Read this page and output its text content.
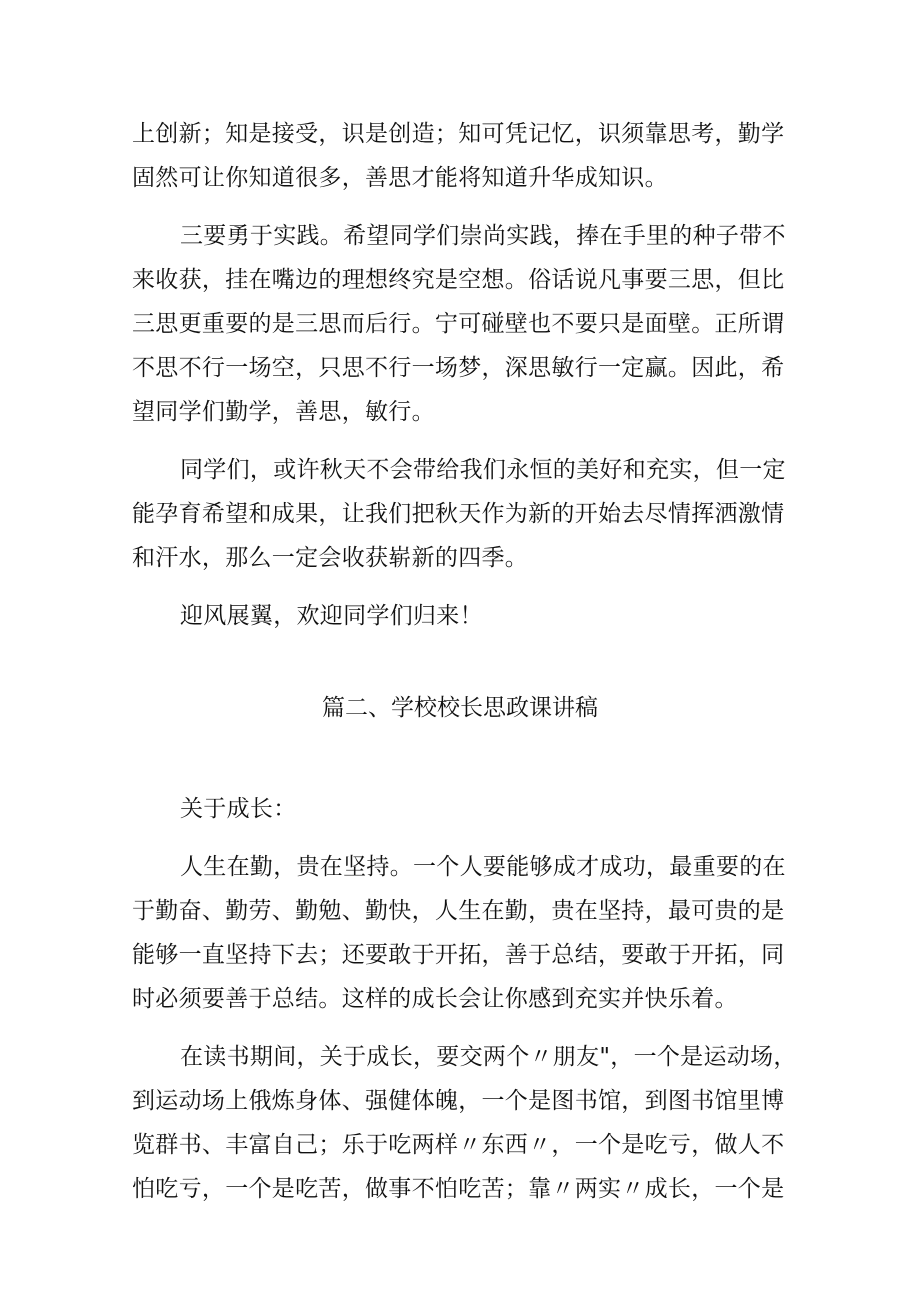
上创新；知是接受，识是创造；知可凭记忆，识须靠思考，勤学
固然可让你知道很多，善思才能将知道升华成知识。
三要勇于实践。希望同学们崇尚实践，捧在手里的种子带不
来收获，挂在嘴边的理想终究是空想。俗话说凡事要三思，但比
三思更重要的是三思而后行。宁可碰壁也不要只是面壁。正所谓
不思不行一场空，只思不行一场梦，深思敏行一定赢。因此，希
望同学们勤学，善思，敏行。
同学们，或许秋天不会带给我们永恒的美好和充实，但一定
能孕育希望和成果，让我们把秋天作为新的开始去尽情挥洒激情
和汗水，那么一定会收获崭新的四季。
迎风展翼，欢迎同学们归来！
篇二、学校校长思政课讲稿
关于成长：
人生在勤，贵在坚持。一个人要能够成才成功，最重要的在
于勤奋、勤劳、勤勉、勤快，人生在勤，贵在坚持，最可贵的是
能够一直坚持下去；还要敢于开拓，善于总结，要敢于开拓，同
时必须要善于总结。这样的成长会让你感到充实并快乐着。
在读书期间，关于成长，要交两个〃朋友"，一个是运动场，
到运动场上俄炼身体、强健体魄，一个是图书馆，到图书馆里博
览群书、丰富自己；乐于吃两样〃东西〃，一个是吃亏，做人不
怕吃亏，一个是吃苦，做事不怕吃苦；靠〃两实〃成长，一个是
